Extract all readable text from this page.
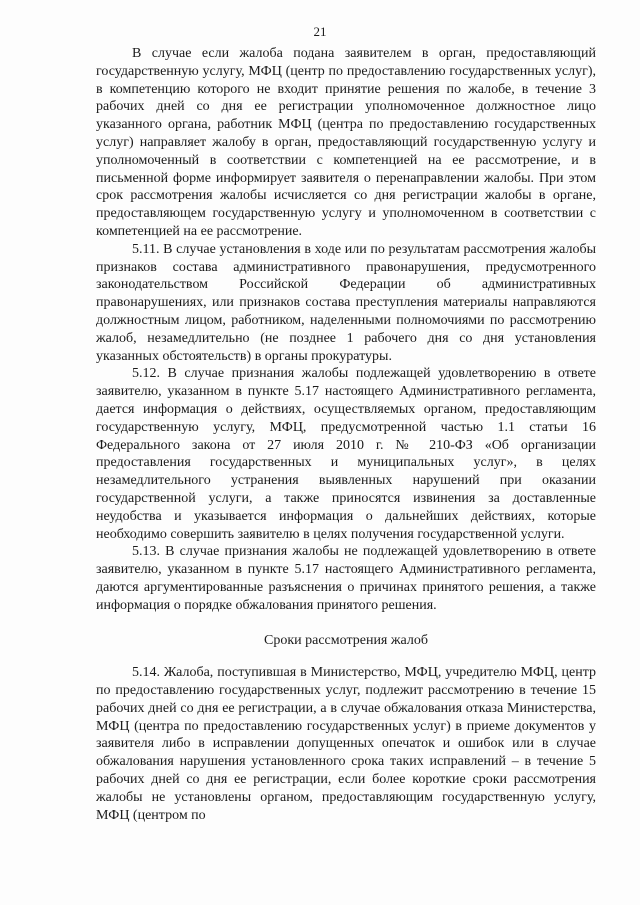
21

В случае если жалоба подана заявителем в орган, предоставляющий государственную услугу, МФЦ (центр по предоставлению государственных услуг), в компетенцию которого не входит принятие решения по жалобе, в течение 3 рабочих дней со дня ее регистрации уполномоченное должностное лицо указанного органа, работник МФЦ (центра по предоставлению государственных услуг) направляет жалобу в орган, предоставляющий государственную услугу и уполномоченный в соответствии с компетенцией на ее рассмотрение, и в письменной форме информирует заявителя о перенаправлении жалобы. При этом срок рассмотрения жалобы исчисляется со дня регистрации жалобы в органе, предоставляющем государственную услугу и уполномоченном в соответствии с компетенцией на ее рассмотрение.

5.11. В случае установления в ходе или по результатам рассмотрения жалобы признаков состава административного правонарушения, предусмотренного законодательством Российской Федерации об административных правонарушениях, или признаков состава преступления материалы направляются должностным лицом, работником, наделенными полномочиями по рассмотрению жалоб, незамедлительно (не позднее 1 рабочего дня со дня установления указанных обстоятельств) в органы прокуратуры.

5.12. В случае признания жалобы подлежащей удовлетворению в ответе заявителю, указанном в пункте 5.17 настоящего Административного регламента, дается информация о действиях, осуществляемых органом, предоставляющим государственную услугу, МФЦ, предусмотренной частью 1.1 статьи 16 Федерального закона от 27 июля 2010 г. № 210-ФЗ «Об организации предоставления государственных и муниципальных услуг», в целях незамедлительного устранения выявленных нарушений при оказании государственной услуги, а также приносятся извинения за доставленные неудобства и указывается информация о дальнейших действиях, которые необходимо совершить заявителю в целях получения государственной услуги.

5.13. В случае признания жалобы не подлежащей удовлетворению в ответе заявителю, указанном в пункте 5.17 настоящего Административного регламента, даются аргументированные разъяснения о причинах принятого решения, а также информация о порядке обжалования принятого решения.

Сроки рассмотрения жалоб

5.14. Жалоба, поступившая в Министерство, МФЦ, учредителю МФЦ, центр по предоставлению государственных услуг, подлежит рассмотрению в течение 15 рабочих дней со дня ее регистрации, а в случае обжалования отказа Министерства, МФЦ (центра по предоставлению государственных услуг) в приеме документов у заявителя либо в исправлении допущенных опечаток и ошибок или в случае обжалования нарушения установленного срока таких исправлений – в течение 5 рабочих дней со дня ее регистрации, если более короткие сроки рассмотрения жалобы не установлены органом, предоставляющим государственную услугу, МФЦ (центром по
